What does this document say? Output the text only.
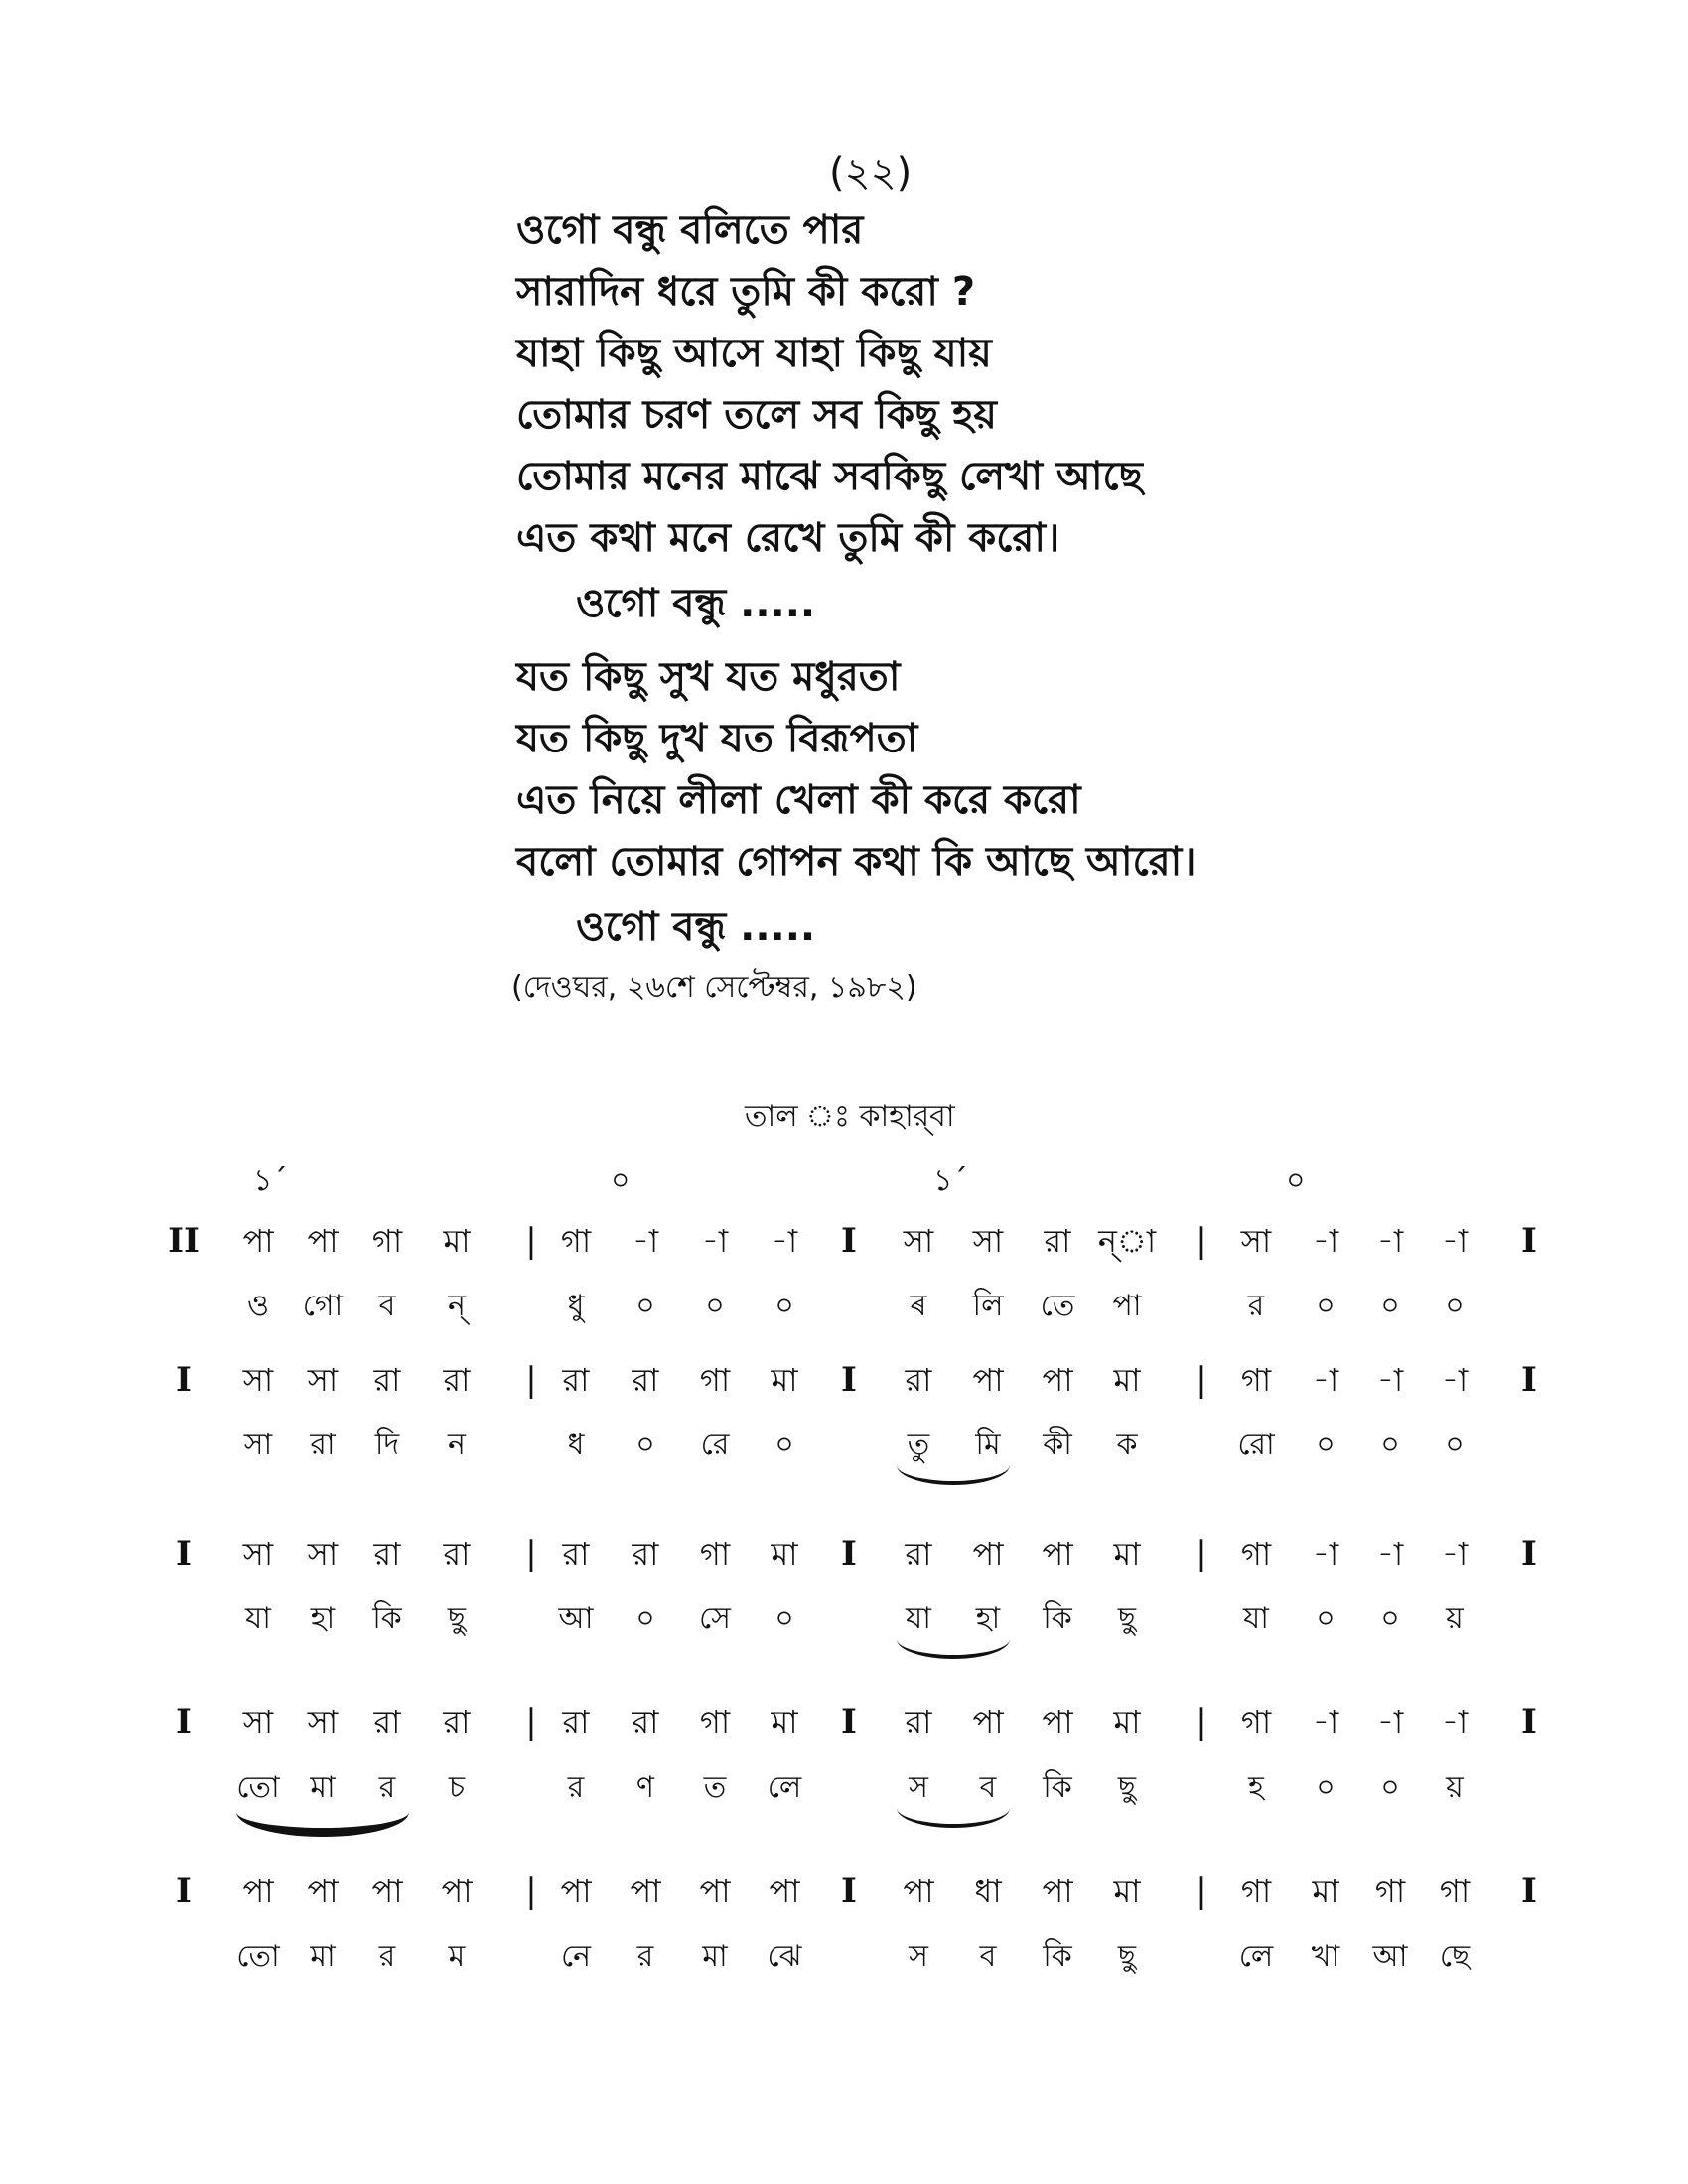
(২২)
ওগো বন্ধু বলিতে পার
সারাদিন ধরে তুমি কী করো ?
যাহা কিছু আসে যাহা কিছু যায়
তোমার চরণ তলে সব কিছু হয়
তোমার মনের মাঝে সবকিছু লেখা আছে
এত কথা মনে রেখে তুমি কী করো।
ওগো বন্ধু .....
যত কিছু সুখ যত মধুরতা
যত কিছু দুখ যত বিরূপতা
এত নিয়ে লীলা খেলা কী করে করো
বলো তোমার গোপন কথা কি আছে আরো।
ওগো বন্ধু .....
(দেওঘর, ২৬শে সেপ্টেম্বর, ১৯৮২)
তাল ঃ কাহার্‌বা
১´	০	১´	০
II	|	I	|	I
পা	পা	গা	মা	গা	-া	-া	-া	সা	সা	রা ন্‌া	সা	-া	-া	-া
ও	গো	ব	ন্‌	ধু	০	০	০	ৰ	লি	তে	পা	র	০	০	০
I	|	I	|	I
সা	সা	রা	রা	রা	রা	গা	মা	রা	পা	পা	মা	গা	-া	-া	-া
সা	রা	দি	ন	ধ	০	রে	০	তু	মি	কী	ক	রো	০	০	০
I	|	I	|	I
সা	সা	রা	রা	রা	রা	গা	মা	রা	পা	পা	মা	গা	-া	-া	-া
যা	হা	কি	ছু	আ	০	সে	০	যা	হা	কি	ছু	যা	০	০	য়
I	|	I	|	I
সা	সা	রা	রা	রা	রা	গা	মা	রা	পা	পা	মা	গা	-া	-া	-া
তো	মা	র	চ	র	ণ	ত	লে	স	ব	কি	ছু	হ	০	০	য়
I	|	I	|	I
পা	পা	পা	পা	পা	পা	পা	পা	পা	ধা	পা	মা	গা	মা	গা	গা
তো	মা	র	ম	নে	র	মা	ঝে	স	ব	কি	ছু	লে	খা	আ	ছে
